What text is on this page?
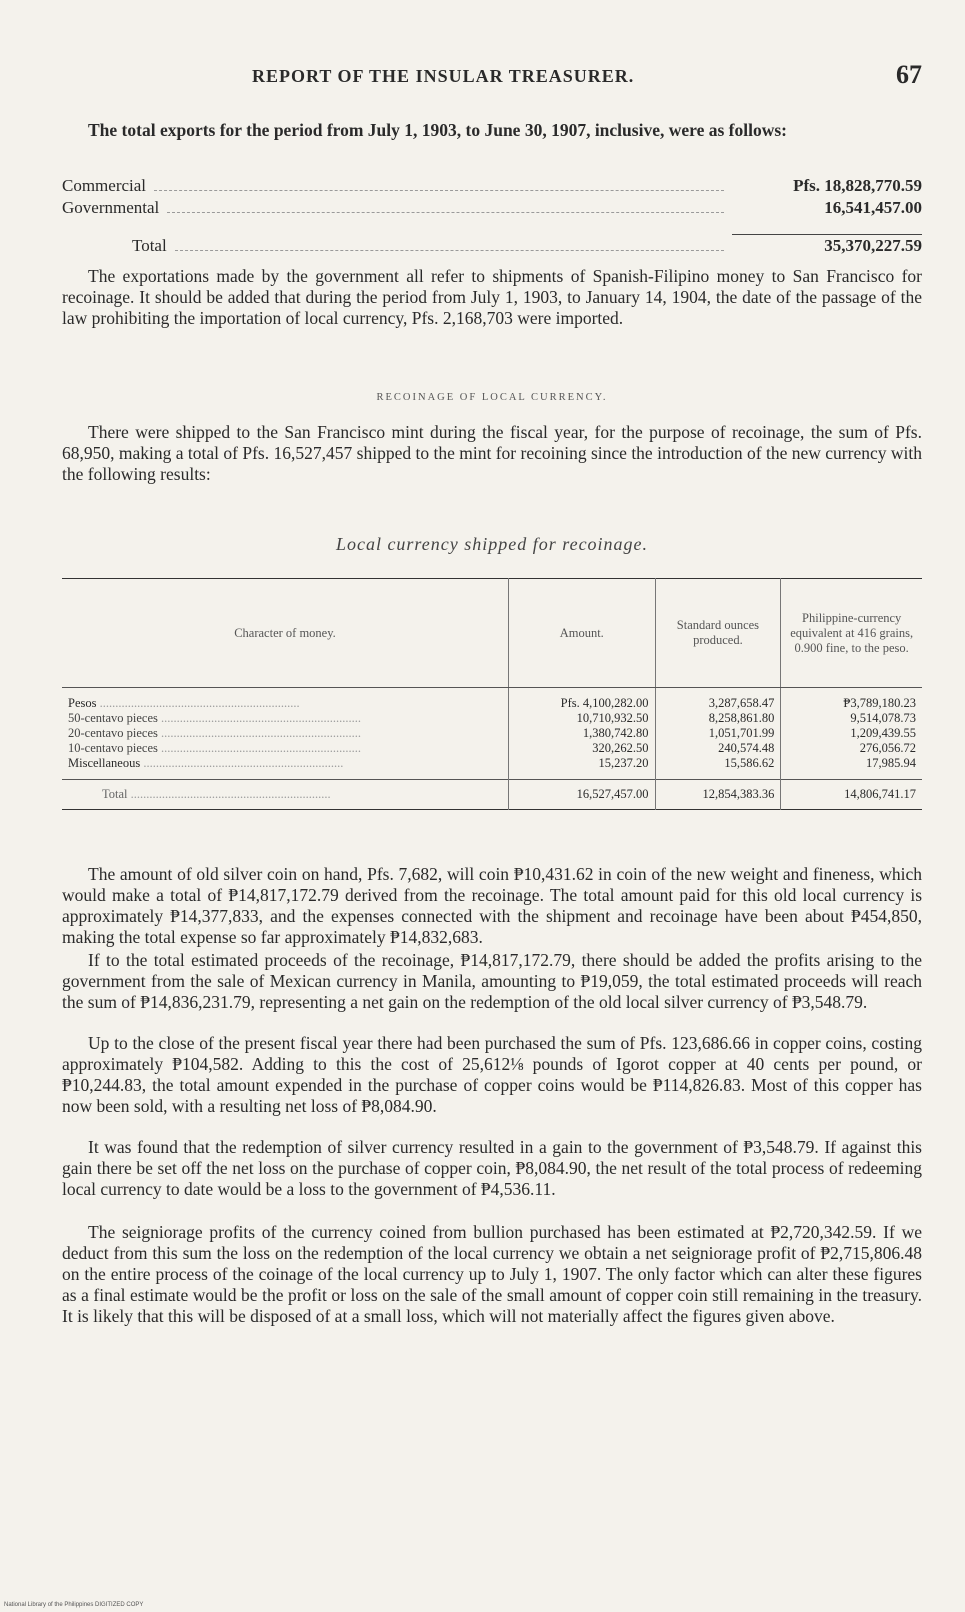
REPORT OF THE INSULAR TREASURER.	67

The total exports for the period from July 1, 1903, to June 30, 1907, inclusive, were as follows:

Commercial	Pfs. 18,828,770.59
Governmental	16,541,457.00
Total	35,370,227.59

The exportations made by the government all refer to shipments of Spanish-Filipino money to San Francisco for recoinage. It should be added that during the period from July 1, 1903, to January 14, 1904, the date of the passage of the law prohibiting the importation of local currency, Pfs. 2,168,703 were imported.

RECOINAGE OF LOCAL CURRENCY.

There were shipped to the San Francisco mint during the fiscal year, for the purpose of recoinage, the sum of Pfs. 68,950, making a total of Pfs. 16,527,457 shipped to the mint for recoining since the introduction of the new currency with the following results:

Local currency shipped for recoinage.
Character of money.	Amount.	Standard ounces produced.	Philippine-currency equivalent at 416 grains, 0.900 fine, to the peso.

Pesos .....	Pfs. 4,100,282.00	3,287,658.47	₱3,789,180.23

50-centavo pieces .....	10,710,932.50	8,258,861.80	9,514,078.73

20-centavo pieces .....	1,380,742.80	1,051,701.99	1,209,439.55

10-centavo pieces .....	320,262.50	240,574.48	276,056.72

Miscellaneous .....	15,237.20	15,586.62	17,985.94

Total .....	16,527,457.00	12,854,383.36	14,806,741.17

The amount of old silver coin on hand, Pfs. 7,682, will coin ₱10,431.62 in coin of the new weight and fineness, which would make a total of ₱14,817,172.79 derived from the recoinage. The total amount paid for this old local currency is approximately ₱14,377,833, and the expenses connected with the shipment and recoinage have been about ₱454,850, making the total expense so far approximately ₱14,832,683.

If to the total estimated proceeds of the recoinage, ₱14,817,172.79, there should be added the profits arising to the government from the sale of Mexican currency in Manila, amounting to ₱19,059, the total estimated proceeds will reach the sum of ₱14,836,231.79, representing a net gain on the redemption of the old local silver currency of ₱3,548.79.

Up to the close of the present fiscal year there had been purchased the sum of Pfs. 123,686.66 in copper coins, costing approximately ₱104,582. Adding to this the cost of 25,612⅛ pounds of Igorot copper at 40 cents per pound, or ₱10,244.83, the total amount expended in the purchase of copper coins would be ₱114,826.83. Most of this copper has now been sold, with a resulting net loss of ₱8,084.90.

It was found that the redemption of silver currency resulted in a gain to the government of ₱3,548.79. If against this gain there be set off the net loss on the purchase of copper coin, ₱8,084.90, the net result of the total process of redeeming local currency to date would be a loss to the government of ₱4,536.11.

The seigniorage profits of the currency coined from bullion purchased has been estimated at ₱2,720,342.59. If we deduct from this sum the loss on the redemption of the local currency we obtain a net seigniorage profit of ₱2,715,806.48 on the entire process of the coinage of the local currency up to July 1, 1907. The only factor which can alter these figures as a final estimate would be the profit or loss on the sale of the small amount of copper coin still remaining in the treasury. It is likely that this will be disposed of at a small loss, which will not materially affect the figures given above.

National Library of the Philippines DIGITIZED COPY
